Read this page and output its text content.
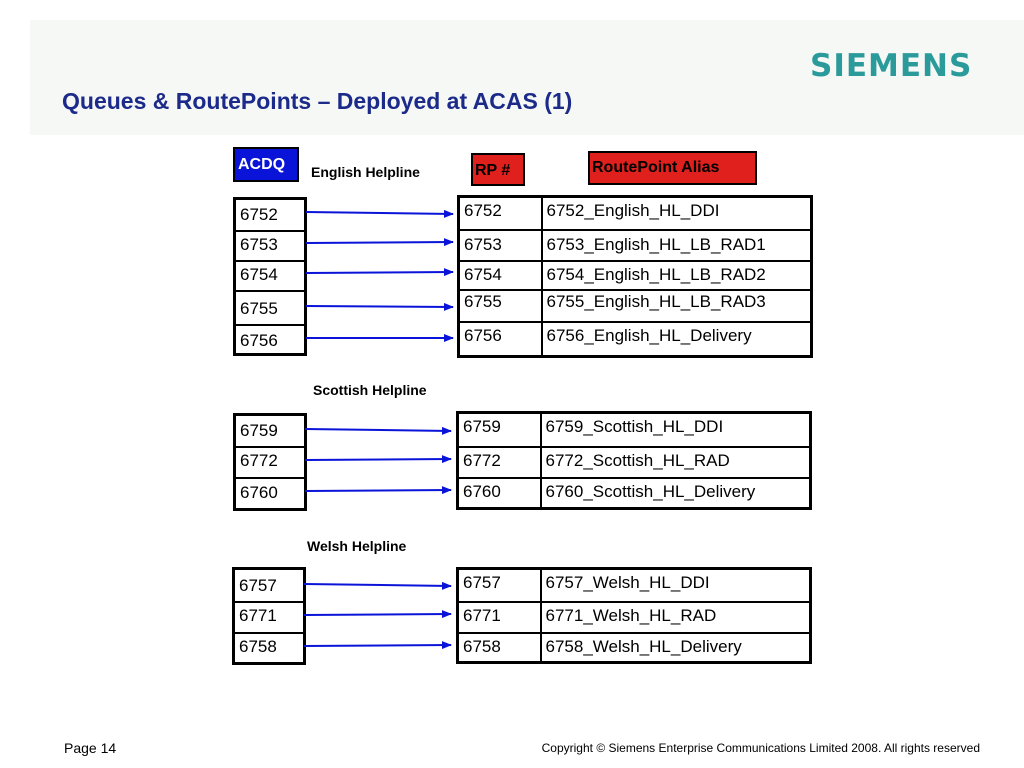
SIEMENS
Queues & RoutePoints – Deployed at ACAS (1)
ACDQ	RP #	RoutePoint Alias
English Helpline
6752
6753
6754
6755
6756
6752	6752_English_HL_DDI
6753	6753_English_HL_LB_RAD1
6754	6754_English_HL_LB_RAD2
6755	6755_English_HL_LB_RAD3
6756	6756_English_HL_Delivery
Scottish Helpline
6759
6772
6760
6759	6759_Scottish_HL_DDI
6772	6772_Scottish_HL_RAD
6760	6760_Scottish_HL_Delivery
Welsh Helpline
6757
6771
6758
6757	6757_Welsh_HL_DDI
6771	6771_Welsh_HL_RAD
6758	6758_Welsh_HL_Delivery
Page 14	Copyright © Siemens Enterprise Communications Limited 2008. All rights reserved
